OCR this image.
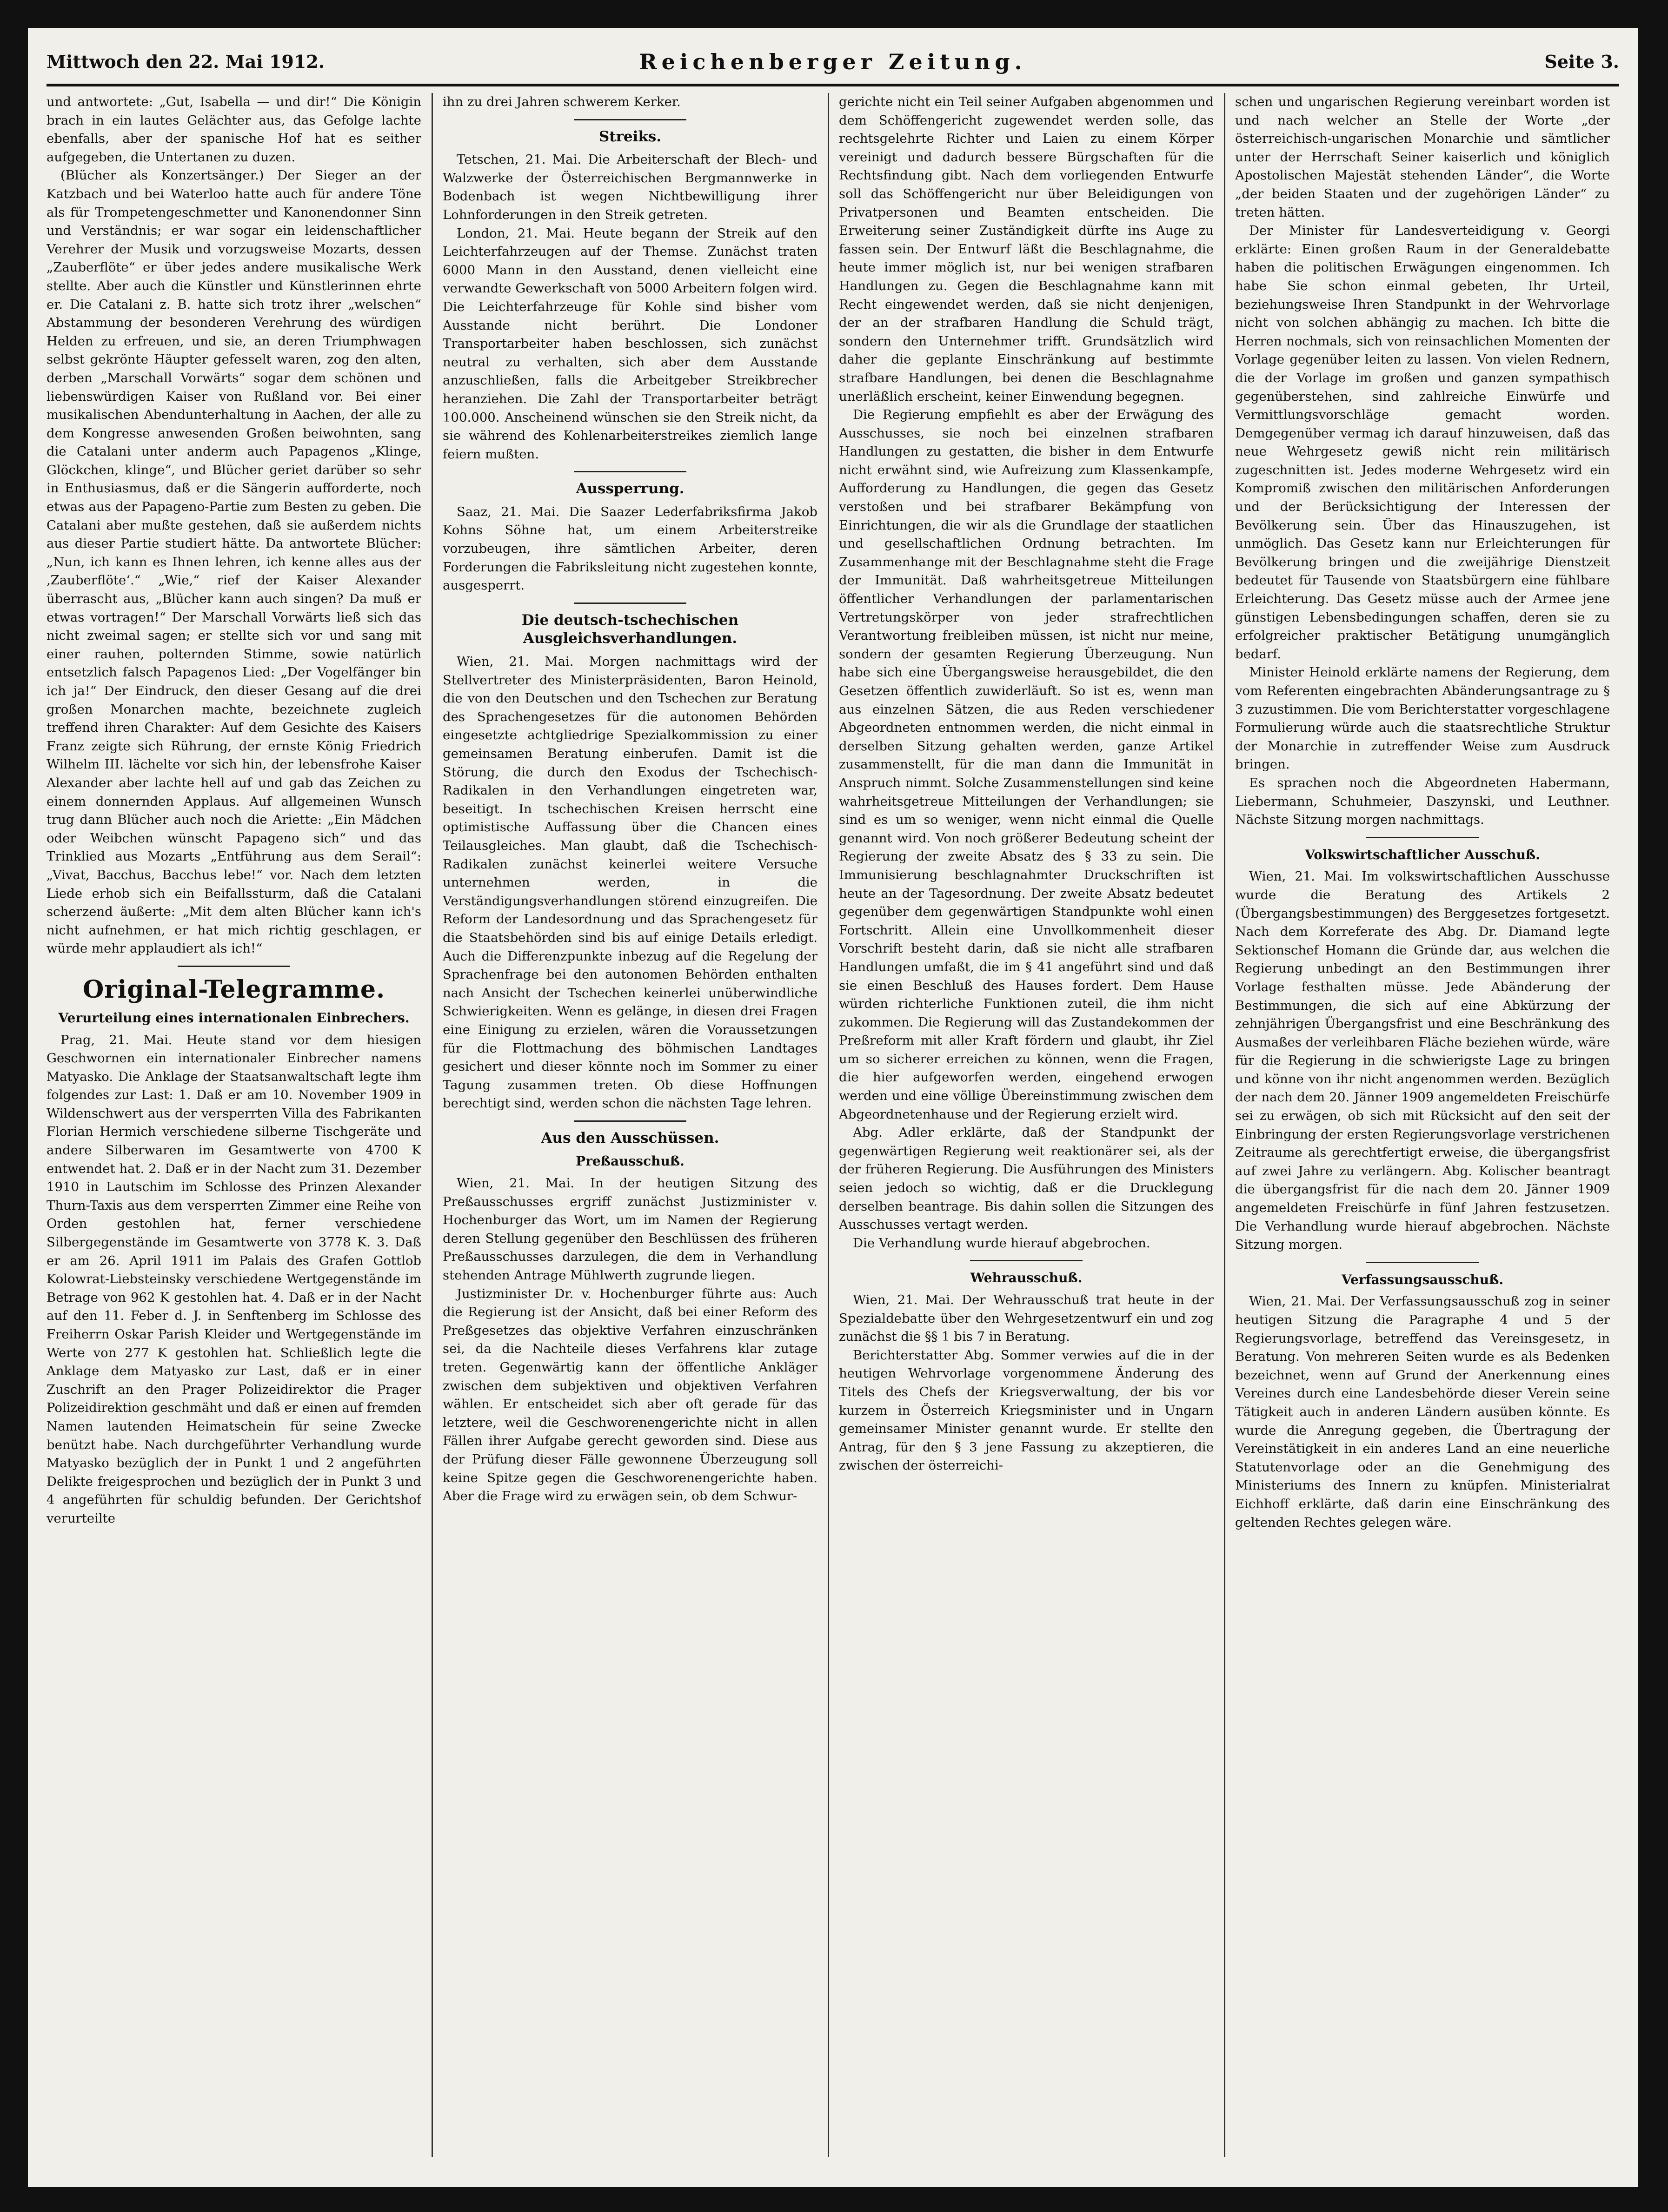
Mittwoch den 22. Mai 1912.	Reichenberger Zeitung.	Seite 3.

und antwortete: „Gut, Isabella — und dir!“ Die Königin brach in ein lautes Gelächter aus, das Gefolge lachte ebenfalls, aber der spanische Hof hat es seither aufgegeben, die Untertanen zu duzen.

(Blücher als Konzertsänger.) Der Sieger an der Katzbach und bei Waterloo hatte auch für andere Töne als für Trompetengeschmetter und Kanonendonner Sinn und Verständnis; er war sogar ein leidenschaftlicher Verehrer der Musik und vorzugsweise Mozarts, dessen „Zauberflöte“ er über jedes andere musikalische Werk stellte. Aber auch die Künstler und Künstlerinnen ehrte er. Die Catalani z. B. hatte sich trotz ihrer „welschen“ Abstammung der besonderen Verehrung des würdigen Helden zu erfreuen, und sie, an deren Triumphwagen selbst gekrönte Häupter gefesselt waren, zog den alten, derben „Marschall Vorwärts“ sogar dem schönen und liebenswürdigen Kaiser von Rußland vor. Bei einer musikalischen Abendunterhaltung in Aachen, der alle zu dem Kongresse anwesenden Großen beiwohnten, sang die Catalani unter anderm auch Papagenos „Klinge, Glöckchen, klinge“, und Blücher geriet darüber so sehr in Enthusiasmus, daß er die Sängerin aufforderte, noch etwas aus der Papageno-Partie zum Besten zu geben. Die Catalani aber mußte gestehen, daß sie außerdem nichts aus dieser Partie studiert hätte. Da antwortete Blücher: „Nun, ich kann es Ihnen lehren, ich kenne alles aus der ‚Zauberflöte‘.“ „Wie,“ rief der Kaiser Alexander überrascht aus, „Blücher kann auch singen? Da muß er etwas vortragen!“ Der Marschall Vorwärts ließ sich das nicht zweimal sagen; er stellte sich vor und sang mit einer rauhen, polternden Stimme, sowie natürlich entsetzlich falsch Papagenos Lied: „Der Vogelfänger bin ich ja!“ Der Eindruck, den dieser Gesang auf die drei großen Monarchen machte, bezeichnete zugleich treffend ihren Charakter: Auf dem Gesichte des Kaisers Franz zeigte sich Rührung, der ernste König Friedrich Wilhelm III. lächelte vor sich hin, der lebensfrohe Kaiser Alexander aber lachte hell auf und gab das Zeichen zu einem donnernden Applaus. Auf allgemeinen Wunsch trug dann Blücher auch noch die Ariette: „Ein Mädchen oder Weibchen wünscht Papageno sich“ und das Trinklied aus Mozarts „Entführung aus dem Serail“: „Vivat, Bacchus, Bacchus lebe!“ vor. Nach dem letzten Liede erhob sich ein Beifallssturm, daß die Catalani scherzend äußerte: „Mit dem alten Blücher kann ich's nicht aufnehmen, er hat mich richtig geschlagen, er würde mehr applaudiert als ich!“

Original-Telegramme.
Verurteilung eines internationalen Einbrechers.

Prag, 21. Mai. Heute stand vor dem hiesigen Geschwornen ein internationaler Einbrecher namens Matyasko. Die Anklage der Staatsanwaltschaft legte ihm folgendes zur Last: 1. Daß er am 10. November 1909 in Wildenschwert aus der versperrten Villa des Fabrikanten Florian Hermich verschiedene silberne Tischgeräte und andere Silberwaren im Gesamtwerte von 4700 K entwendet hat. 2. Daß er in der Nacht zum 31. Dezember 1910 in Lautschim im Schlosse des Prinzen Alexander Thurn-Taxis aus dem versperrten Zimmer eine Reihe von Orden gestohlen hat, ferner verschiedene Silbergegenstände im Gesamtwerte von 3778 K. 3. Daß er am 26. April 1911 im Palais des Grafen Gottlob Kolowrat-Liebsteinsky verschiedene Wertgegenstände im Betrage von 962 K gestohlen hat. 4. Daß er in der Nacht auf den 11. Feber d. J. in Senftenberg im Schlosse des Freiherrn Oskar Parish Kleider und Wertgegenstände im Werte von 277 K gestohlen hat. Schließlich legte die Anklage dem Matyasko zur Last, daß er in einer Zuschrift an den Prager Polizeidirektor die Prager Polizeidirektion geschmäht und daß er einen auf fremden Namen lautenden Heimatschein für seine Zwecke benützt habe. Nach durchgeführter Verhandlung wurde Matyasko bezüglich der in Punkt 1 und 2 angeführten Delikte freigesprochen und bezüglich der in Punkt 3 und 4 angeführten für schuldig befunden. Der Gerichtshof verurteilte

ihn zu drei Jahren schwerem Kerker.

Streiks.

Tetschen, 21. Mai. Die Arbeiterschaft der Blech- und Walzwerke der Österreichischen Bergmannwerke in Bodenbach ist wegen Nichtbewilligung ihrer Lohnforderungen in den Streik getreten.

London, 21. Mai. Heute begann der Streik auf den Leichterfahrzeugen auf der Themse. Zunächst traten 6000 Mann in den Ausstand, denen vielleicht eine verwandte Gewerkschaft von 5000 Arbeitern folgen wird. Die Leichterfahrzeuge für Kohle sind bisher vom Ausstande nicht berührt. Die Londoner Transportarbeiter haben beschlossen, sich zunächst neutral zu verhalten, sich aber dem Ausstande anzuschließen, falls die Arbeitgeber Streikbrecher heranziehen. Die Zahl der Transportarbeiter beträgt 100.000. Anscheinend wünschen sie den Streik nicht, da sie während des Kohlenarbeiterstreikes ziemlich lange feiern mußten.

Aussperrung.

Saaz, 21. Mai. Die Saazer Lederfabriksfirma Jakob Kohns Söhne hat, um einem Arbeiterstreike vorzubeugen, ihre sämtlichen Arbeiter, deren Forderungen die Fabriksleitung nicht zugestehen konnte, ausgesperrt.

Die deutsch-tschechischen Ausgleichsverhandlungen.

Wien, 21. Mai. Morgen nachmittags wird der Stellvertreter des Ministerpräsidenten, Baron Heinold, die von den Deutschen und den Tschechen zur Beratung des Sprachengesetzes für die autonomen Behörden eingesetzte achtgliedrige Spezialkommission zu einer gemeinsamen Beratung einberufen. Damit ist die Störung, die durch den Exodus der Tschechisch-Radikalen in den Verhandlungen eingetreten war, beseitigt. In tschechischen Kreisen herrscht eine optimistische Auffassung über die Chancen eines Teilausgleiches. Man glaubt, daß die Tschechisch-Radikalen zunächst keinerlei weitere Versuche unternehmen werden, in die Verständigungsverhandlungen störend einzugreifen. Die Reform der Landesordnung und das Sprachengesetz für die Staatsbehörden sind bis auf einige Details erledigt. Auch die Differenzpunkte inbezug auf die Regelung der Sprachenfrage bei den autonomen Behörden enthalten nach Ansicht der Tschechen keinerlei unüberwindliche Schwierigkeiten. Wenn es gelänge, in diesen drei Fragen eine Einigung zu erzielen, wären die Voraussetzungen für die Flottmachung des böhmischen Landtages gesichert und dieser könnte noch im Sommer zu einer Tagung zusammen treten. Ob diese Hoffnungen berechtigt sind, werden schon die nächsten Tage lehren.

Aus den Ausschüssen.
Preßausschuß.

Wien, 21. Mai. In der heutigen Sitzung des Preßausschusses ergriff zunächst Justizminister v. Hochenburger das Wort, um im Namen der Regierung deren Stellung gegenüber den Beschlüssen des früheren Preßausschusses darzulegen, die dem in Verhandlung stehenden Antrage Mühlwerth zugrunde liegen.

Justizminister Dr. v. Hochenburger führte aus: Auch die Regierung ist der Ansicht, daß bei einer Reform des Preßgesetzes das objektive Verfahren einzuschränken sei, da die Nachteile dieses Verfahrens klar zutage treten. Gegenwärtig kann der öffentliche Ankläger zwischen dem subjektiven und objektiven Verfahren wählen. Er entscheidet sich aber oft gerade für das letztere, weil die Geschworenengerichte nicht in allen Fällen ihrer Aufgabe gerecht geworden sind. Diese aus der Prüfung dieser Fälle gewonnene Überzeugung soll keine Spitze gegen die Geschworenengerichte haben. Aber die Frage wird zu erwägen sein, ob dem Schwur-

gerichte nicht ein Teil seiner Aufgaben abgenommen und dem Schöffengericht zugewendet werden solle, das rechtsgelehrte Richter und Laien zu einem Körper vereinigt und dadurch bessere Bürgschaften für die Rechtsfindung gibt. Nach dem vorliegenden Entwurfe soll das Schöffengericht nur über Beleidigungen von Privatpersonen und Beamten entscheiden. Die Erweiterung seiner Zuständigkeit dürfte ins Auge zu fassen sein. Der Entwurf läßt die Beschlagnahme, die heute immer möglich ist, nur bei wenigen strafbaren Handlungen zu. Gegen die Beschlagnahme kann mit Recht eingewendet werden, daß sie nicht denjenigen, der an der strafbaren Handlung die Schuld trägt, sondern den Unternehmer trifft. Grundsätzlich wird daher die geplante Einschränkung auf bestimmte strafbare Handlungen, bei denen die Beschlagnahme unerläßlich erscheint, keiner Einwendung begegnen.

Die Regierung empfiehlt es aber der Erwägung des Ausschusses, sie noch bei einzelnen strafbaren Handlungen zu gestatten, die bisher in dem Entwurfe nicht erwähnt sind, wie Aufreizung zum Klassenkampfe, Aufforderung zu Handlungen, die gegen das Gesetz verstoßen und bei strafbarer Bekämpfung von Einrichtungen, die wir als die Grundlage der staatlichen und gesellschaftlichen Ordnung betrachten. Im Zusammenhange mit der Beschlagnahme steht die Frage der Immunität. Daß wahrheitsgetreue Mitteilungen öffentlicher Verhandlungen der parlamentarischen Vertretungskörper von jeder strafrechtlichen Verantwortung freibleiben müssen, ist nicht nur meine, sondern der gesamten Regierung Überzeugung. Nun habe sich eine Übergangsweise herausgebildet, die den Gesetzen öffentlich zuwiderläuft. So ist es, wenn man aus einzelnen Sätzen, die aus Reden verschiedener Abgeordneten entnommen werden, die nicht einmal in derselben Sitzung gehalten werden, ganze Artikel zusammenstellt, für die man dann die Immunität in Anspruch nimmt. Solche Zusammenstellungen sind keine wahrheitsgetreue Mitteilungen der Verhandlungen; sie sind es um so weniger, wenn nicht einmal die Quelle genannt wird. Von noch größerer Bedeutung scheint der Regierung der zweite Absatz des § 33 zu sein. Die Immunisierung beschlagnahmter Druckschriften ist heute an der Tagesordnung. Der zweite Absatz bedeutet gegenüber dem gegenwärtigen Standpunkte wohl einen Fortschritt. Allein eine Unvollkommenheit dieser Vorschrift besteht darin, daß sie nicht alle strafbaren Handlungen umfaßt, die im § 41 angeführt sind und daß sie einen Beschluß des Hauses fordert. Dem Hause würden richterliche Funktionen zuteil, die ihm nicht zukommen. Die Regierung will das Zustandekommen der Preßreform mit aller Kraft fördern und glaubt, ihr Ziel um so sicherer erreichen zu können, wenn die Fragen, die hier aufgeworfen werden, eingehend erwogen werden und eine völlige Übereinstimmung zwischen dem Abgeordnetenhause und der Regierung erzielt wird.

Abg. Adler erklärte, daß der Standpunkt der gegenwärtigen Regierung weit reaktionärer sei, als der der früheren Regierung. Die Ausführungen des Ministers seien jedoch so wichtig, daß er die Drucklegung derselben beantrage. Bis dahin sollen die Sitzungen des Ausschusses vertagt werden.

Die Verhandlung wurde hierauf abgebrochen.

Wehrausschuß.

Wien, 21. Mai. Der Wehrausschuß trat heute in der Spezialdebatte über den Wehrgesetzentwurf ein und zog zunächst die §§ 1 bis 7 in Beratung.

Berichterstatter Abg. Sommer verwies auf die in der heutigen Wehrvorlage vorgenommene Änderung des Titels des Chefs der Kriegsverwaltung, der bis vor kurzem in Österreich Kriegsminister und in Ungarn gemeinsamer Minister genannt wurde. Er stellte den Antrag, für den § 3 jene Fassung zu akzeptieren, die zwischen der österreichi-

schen und ungarischen Regierung vereinbart worden ist und nach welcher an Stelle der Worte „der österreichisch-ungarischen Monarchie und sämtlicher unter der Herrschaft Seiner kaiserlich und königlich Apostolischen Majestät stehenden Länder“, die Worte „der beiden Staaten und der zugehörigen Länder“ zu treten hätten.

Der Minister für Landesverteidigung v. Georgi erklärte: Einen großen Raum in der Generaldebatte haben die politischen Erwägungen eingenommen. Ich habe Sie schon einmal gebeten, Ihr Urteil, beziehungsweise Ihren Standpunkt in der Wehrvorlage nicht von solchen abhängig zu machen. Ich bitte die Herren nochmals, sich von reinsachlichen Momenten der Vorlage gegenüber leiten zu lassen. Von vielen Rednern, die der Vorlage im großen und ganzen sympathisch gegenüberstehen, sind zahlreiche Einwürfe und Vermittlungsvorschläge gemacht worden. Demgegenüber vermag ich darauf hinzuweisen, daß das neue Wehrgesetz gewiß nicht rein militärisch zugeschnitten ist. Jedes moderne Wehrgesetz wird ein Kompromiß zwischen den militärischen Anforderungen und der Berücksichtigung der Interessen der Bevölkerung sein. Über das Hinauszugehen, ist unmöglich. Das Gesetz kann nur Erleichterungen für Bevölkerung bringen und die zweijährige Dienstzeit bedeutet für Tausende von Staatsbürgern eine fühlbare Erleichterung. Das Gesetz müsse auch der Armee jene günstigen Lebensbedingungen schaffen, deren sie zu erfolgreicher praktischer Betätigung unumgänglich bedarf.

Minister Heinold erklärte namens der Regierung, dem vom Referenten eingebrachten Abänderungsantrage zu § 3 zuzustimmen. Die vom Berichterstatter vorgeschlagene Formulierung würde auch die staatsrechtliche Struktur der Monarchie in zutreffender Weise zum Ausdruck bringen.

Es sprachen noch die Abgeordneten Habermann, Liebermann, Schuhmeier, Daszynski, und Leuthner. Nächste Sitzung morgen nachmittags.

Volkswirtschaftlicher Ausschuß.

Wien, 21. Mai. Im volkswirtschaftlichen Ausschusse wurde die Beratung des Artikels 2 (Übergangsbestimmungen) des Berggesetzes fortgesetzt. Nach dem Korreferate des Abg. Dr. Diamand legte Sektionschef Homann die Gründe dar, aus welchen die Regierung unbedingt an den Bestimmungen ihrer Vorlage festhalten müsse. Jede Abänderung der Bestimmungen, die sich auf eine Abkürzung der zehnjährigen Übergangsfrist und eine Beschränkung des Ausmaßes der verleihbaren Fläche beziehen würde, wäre für die Regierung in die schwierigste Lage zu bringen und könne von ihr nicht angenommen werden. Bezüglich der nach dem 20. Jänner 1909 angemeldeten Freischürfe sei zu erwägen, ob sich mit Rücksicht auf den seit der Einbringung der ersten Regierungsvorlage verstrichenen Zeitraume als gerechtfertigt erweise, die übergangsfrist auf zwei Jahre zu verlängern. Abg. Kolischer beantragt die übergangsfrist für die nach dem 20. Jänner 1909 angemeldeten Freischürfe in fünf Jahren festzusetzen. Die Verhandlung wurde hierauf abgebrochen. Nächste Sitzung morgen.

Verfassungsausschuß.

Wien, 21. Mai. Der Verfassungsausschuß zog in seiner heutigen Sitzung die Paragraphe 4 und 5 der Regierungsvorlage, betreffend das Vereinsgesetz, in Beratung. Von mehreren Seiten wurde es als Bedenken bezeichnet, wenn auf Grund der Anerkennung eines Vereines durch eine Landesbehörde dieser Verein seine Tätigkeit auch in anderen Ländern ausüben könnte. Es wurde die Anregung gegeben, die Übertragung der Vereinstätigkeit in ein anderes Land an eine neuerliche Statutenvorlage oder an die Genehmigung des Ministeriums des Innern zu knüpfen. Ministerialrat Eichhoff erklärte, daß darin eine Einschränkung des geltenden Rechtes gelegen wäre.
